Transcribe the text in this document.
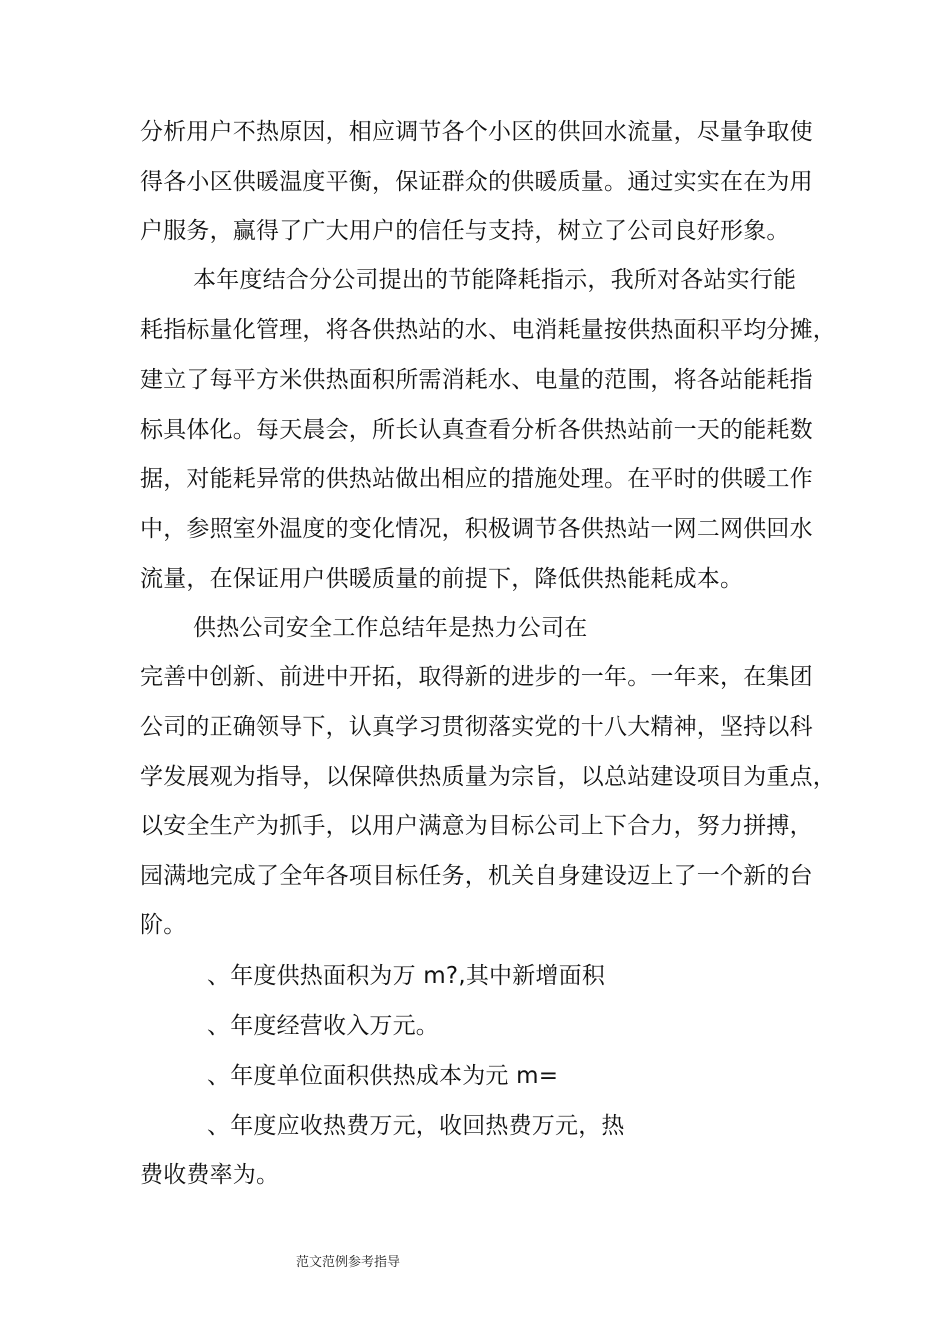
分析用户不热原因，相应调节各个小区的供回水流量，尽量争取使
得各小区供暖温度平衡，保证群众的供暖质量。通过实实在在为用
户服务，赢得了广大用户的信任与支持，树立了公司良好形象。
本年度结合分公司提出的节能降耗指示，我所对各站实行能
耗指标量化管理，将各供热站的水、电消耗量按供热面积平均分摊，
建立了每平方米供热面积所需消耗水、电量的范围，将各站能耗指
标具体化。每天晨会，所长认真查看分析各供热站前一天的能耗数
据，对能耗异常的供热站做出相应的措施处理。在平时的供暖工作
中，参照室外温度的变化情况，积极调节各供热站一网二网供回水
流量，在保证用户供暖质量的前提下，降低供热能耗成本。
供热公司安全工作总结年是热力公司在
完善中创新、前进中开拓，取得新的进步的一年。一年来，在集团
公司的正确领导下，认真学习贯彻落实党的十八大精神，坚持以科
学发展观为指导，以保障供热质量为宗旨，以总站建设项目为重点，
以安全生产为抓手，以用户满意为目标公司上下合力，努力拼搏，
园满地完成了全年各项目标任务，机关自身建设迈上了一个新的台
阶。
、年度供热面积为万 m?,其中新增面积
、年度经营收入万元。
、年度单位面积供热成本为元 m=
、年度应收热费万元，收回热费万元，热
费收费率为。
范文范例参考指导
